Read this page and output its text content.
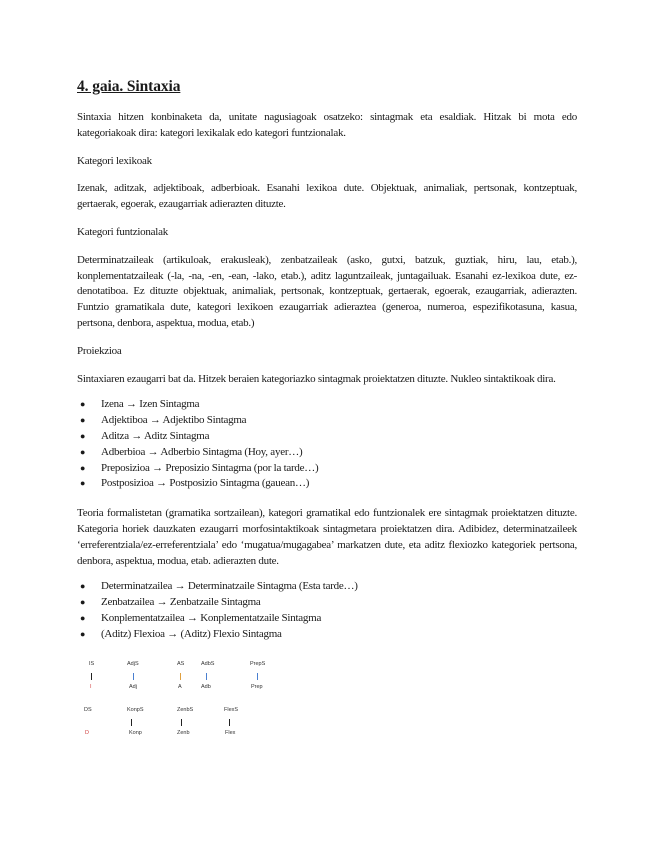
4. gaia. Sintaxia

Sintaxia hitzen konbinaketa da, unitate nagusiagoak osatzeko: sintagmak eta esaldiak. Hitzak bi mota edo kategoriakoak dira: kategori lexikalak edo kategori funtzionalak.

Kategori lexikoak

Izenak, aditzak, adjektiboak, adberbioak. Esanahi lexikoa dute. Objektuak, animaliak, pertsonak, kontzeptuak, gertaerak, egoerak, ezaugarriak adierazten dituzte.

Kategori funtzionalak

Determinatzaileak (artikuloak, erakusleak), zenbatzaileak (asko, gutxi, batzuk, guztiak, hiru, lau, etab.), konplementatzaileak (-la, -na, -en, -ean, -lako, etab.), aditz laguntzaileak, juntagailuak. Esanahi ez-lexikoa dute, ez-denotatiboa. Ez dituzte objektuak, animaliak, pertsonak, kontzeptuak, gertaerak, egoerak, ezaugarriak, adierazten. Funtzio gramatikala dute, kategori lexikoen ezaugarriak adieraztea (generoa, numeroa, espezifikotasuna, kasua, pertsona, denbora, aspektua, modua, etab.)

Proiekzioa

Sintaxiaren ezaugarri bat da. Hitzek beraien kategoriazko sintagmak proiektatzen dituzte. Nukleo sintaktikoak dira.

● Izena → Izen Sintagma
● Adjektiboa → Adjektibo Sintagma
● Aditza → Aditz Sintagma
● Adberbioa → Adberbio Sintagma (Hoy, ayer…)
● Preposizioa → Preposizio Sintagma (por la tarde…)
● Postposizioa → Postposizio Sintagma (gauean…)

Teoria formalistetan (gramatika sortzailean), kategori gramatikal edo funtzionalek ere sintagmak proiektatzen dituzte. Kategoria horiek dauzkaten ezaugarri morfosintaktikoak sintagmetara proiektatzen dira. Adibidez, determinatzaileek ‘erreferentziala/ez-erreferentziala’ edo ‘mugatua/mugagabea’ markatzen dute, eta aditz flexiozko kategoriek pertsona, denbora, aspektua, modua, etab. adierazten dute.

● Determinatzailea → Determinatzaile Sintagma (Esta tarde…)
● Zenbatzailea → Zenbatzaile Sintagma
● Konplementatzailea → Konplementatzaile Sintagma
● (Aditz) Flexioa → (Aditz) Flexio Sintagma
IS	AdjS	AS	AdbS	PrepS
I	Adj	A	Adb	Prep
DS	KonpS	ZenbS	FlexS
D	Konp	Zenb	Flex
